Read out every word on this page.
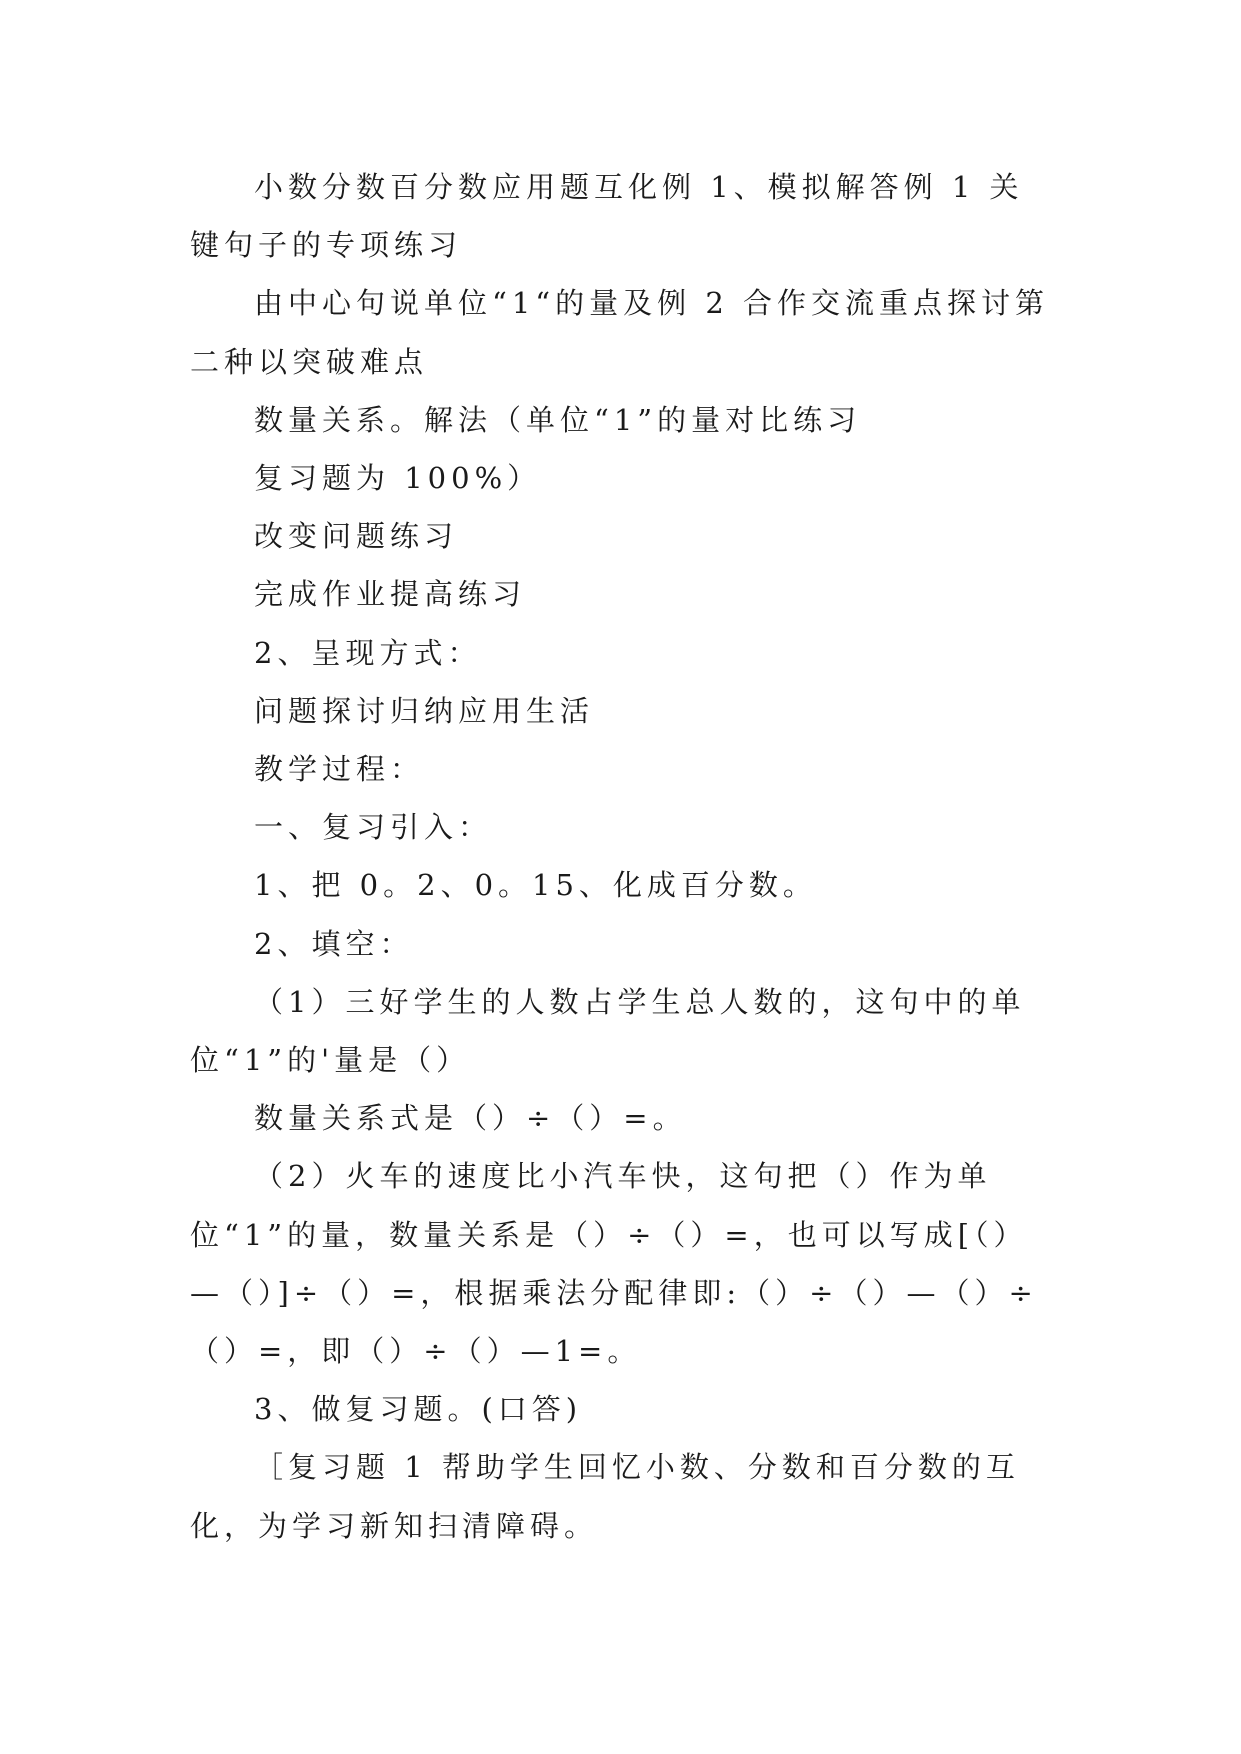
小数分数百分数应用题互化例 1、模拟解答例 1 关键句子的专项练习

由中心句说单位“1“的量及例 2 合作交流重点探讨第二种以突破难点

数量关系。解法（单位“1”的量对比练习

复习题为 100%）

改变问题练习

完成作业提高练习

2、呈现方式：

问题探讨归纳应用生活

教学过程：

一、复习引入：

1、把 0。2、0。15、化成百分数。

2、填空：

（1）三好学生的人数占学生总人数的，这句中的单位“1”的'量是（）

数量关系式是（）÷（）=。

（2）火车的速度比小汽车快，这句把（）作为单位“1”的量，数量关系是（）÷（）=，也可以写成[（）—（）]÷（）=，根据乘法分配律即:（）÷（）—（）÷（）=，即（）÷（）—1=。

3、做复习题。(口答)

［复习题 1 帮助学生回忆小数、分数和百分数的互化，为学习新知扫清障碍。
